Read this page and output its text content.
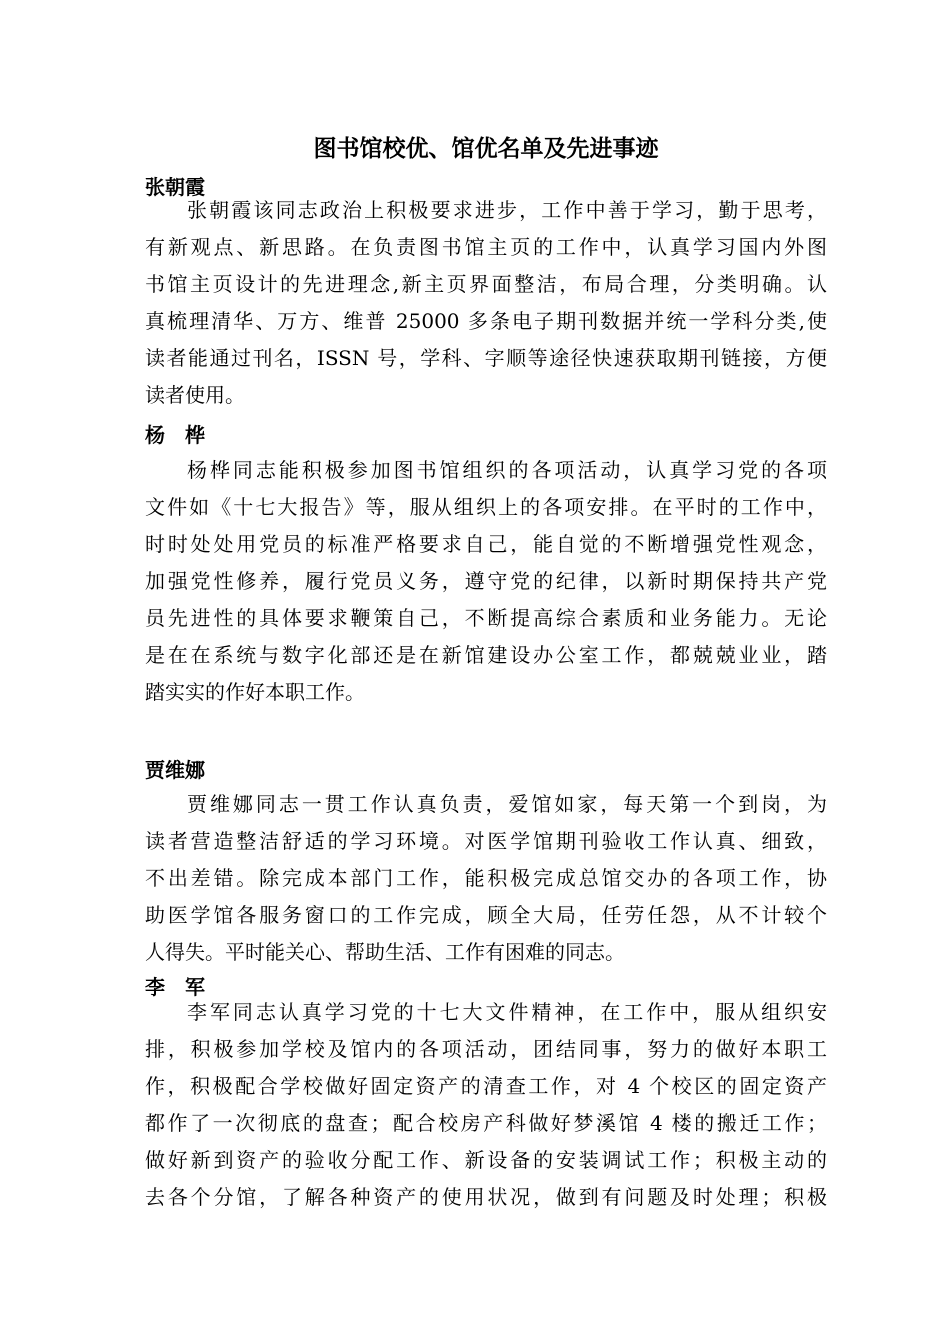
图书馆校优、馆优名单及先进事迹
张朝霞
张朝霞该同志政治上积极要求进步，工作中善于学习，勤于思考，
有新观点、新思路。在负责图书馆主页的工作中，认真学习国内外图
书馆主页设计的先进理念,新主页界面整洁，布局合理，分类明确。认
真梳理清华、万方、维普 25000 多条电子期刊数据并统一学科分类,使
读者能通过刊名，ISSN 号，学科、字顺等途径快速获取期刊链接，方便
读者使用。
杨　桦
杨桦同志能积极参加图书馆组织的各项活动，认真学习党的各项
文件如《十七大报告》等，服从组织上的各项安排。在平时的工作中，
时时处处用党员的标准严格要求自己，能自觉的不断增强党性观念，
加强党性修养，履行党员义务，遵守党的纪律，以新时期保持共产党
员先进性的具体要求鞭策自己，不断提高综合素质和业务能力。无论
是在在系统与数字化部还是在新馆建设办公室工作，都兢兢业业，踏
踏实实的作好本职工作。
贾维娜
贾维娜同志一贯工作认真负责，爱馆如家，每天第一个到岗，为
读者营造整洁舒适的学习环境。对医学馆期刊验收工作认真、细致，
不出差错。除完成本部门工作，能积极完成总馆交办的各项工作，协
助医学馆各服务窗口的工作完成，顾全大局，任劳任怨，从不计较个
人得失。平时能关心、帮助生活、工作有困难的同志。
李　军
李军同志认真学习党的十七大文件精神，在工作中，服从组织安
排，积极参加学校及馆内的各项活动，团结同事，努力的做好本职工
作，积极配合学校做好固定资产的清查工作，对 4 个校区的固定资产
都作了一次彻底的盘查；配合校房产科做好梦溪馆 4 楼的搬迁工作；
做好新到资产的验收分配工作、新设备的安装调试工作；积极主动的
去各个分馆，了解各种资产的使用状况，做到有问题及时处理；积极
